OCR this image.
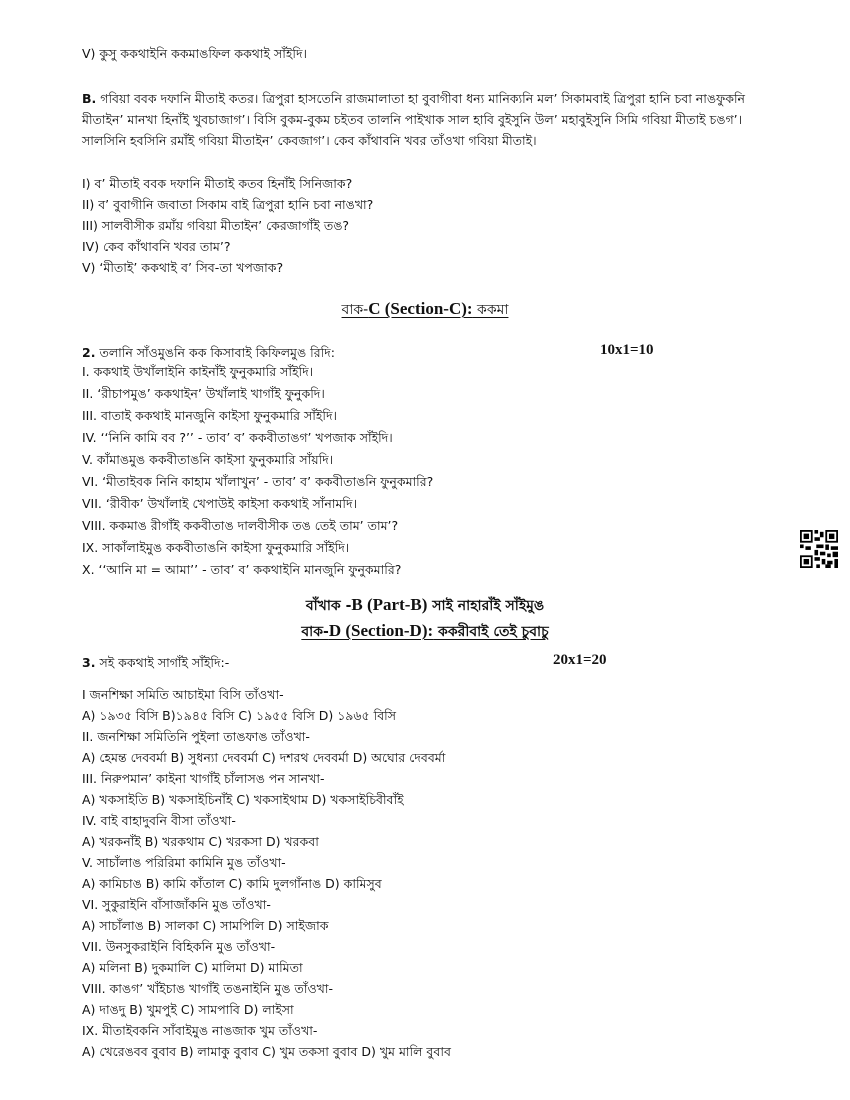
V) কুসু ককথাইনি ককমাঙফিল ককথাই সাঁইদি।
B. গবিয়া ববক দফানি মীতাই কতর। ত্রিপুরা হাসতেনি রাজমালাতা হা বুবাগীবা ধন্য মানিক্যনি মল’ সিকামবাই ত্রিপুরা হানি চবা নাঙফুকনি মীতাইন’ মানখা হিনাঁই খুবচাজাগ’। বিসি বুকম-বুকম চইতব তালনি পাইখাক সাল হাবি বুইসুনি উল’ মহাবুইসুনি সিমি গবিয়া মীতাই চঙগ’। সালসিনি হবসিনি রমাঁই গবিয়া মীতাইন’ কেবজাগ’। কেব কাঁথাবনি খবর তাঁওখা গবিয়া মীতাই।
I) ব’ মীতাই ববক দফানি মীতাই কতব হিনাঁই সিনিজাক?
II) ব’ বুবাগীনি জবাতা সিকাম বাই ত্রিপুরা হানি চবা নাঙখা?
III) সালবীসীক রমাঁয় গবিয়া মীতাইন’ কেরজাগাঁই তঙ?
IV) কেব কাঁথাবনি খবর তাম’?
V) ‘মীতাই’ ককথাই ব’ সিব-তা খপজাক?
বাক-C (Section-C): ককমা
2. তলানি সাঁওমুঙনি কক কিসাবাই কিফিলমুঙ রিদি:	10x1=10
I. ককথাই উখাঁলাইনি কাইনাঁই ফুনুকমারি সাঁইদি।
II. ‘রীচাপমুঙ’ ককথাইন’ উখাঁলাই খাগাঁই ফুনুকদি।
III. বাতাই ককথাই মানজুনি কাইসা ফুনুকমারি সাঁইদি।
IV. ‘‘নিনি কামি বব ?’’ - তাব’ ব’ ককবীতাঙগ’ খপজাক সাঁইদি।
V. কাঁমাঙমুঙ ককবীতাঙনি কাইসা ফুনুকমারি সাঁয়দি।
VI. ‘মীতাইবক নিনি কাহাম খাঁলাখুন’ - তাব’ ব’ ককবীতাঙনি ফুনুকমারি?
VII. ‘রীবীক’ উখাঁলাই খেপাউই কাইসা ককথাই সাঁনামদি।
VIII. ককমাঙ রীগাঁই ককবীতাঙ দালবীসীক তঙ তেই তাম’ তাম’?
IX. সাকাঁলাইমুঙ ককবীতাঙনি কাইসা ফুনুকমারি সাঁইদি।
X. ‘‘আনি মা = আমা’’ - তাব’ ব’ ককথাইনি মানজুনি ফুনুকমারি?
বাঁখাক -B (Part-B) সাই নাহারাঁই সাঁইমুঙ
বাক-D (Section-D): ককরীবাই তেই চুবাচু
3. সই ককথাই সাগাঁই সাঁইদি:-	20x1=20
I জনশিক্ষা সমিতি আচাইমা বিসি তাঁওখা-
A) ১৯৩৫ বিসি B)১৯৪৫ বিসি C) ১৯৫৫ বিসি D) ১৯৬৫ বিসি
II. জনশিক্ষা সমিতিনি পুইলা তাঙফাঙ তাঁওখা-
A) হেমন্ত দেববর্মা B) সুধন্যা দেববর্মা C) দশরথ দেববর্মা D) অঘোর দেববর্মা
III. নিরুপমান’ কাইনা খাগাঁই চাঁলাসঙ পন সানখা-
A) খকসাইতি B) খকসাইচিনাঁই C) খকসাইথাম D) খকসাইচিবীবাঁই
IV. বাই বাহাদুবনি বীসা তাঁওখা-
A) খরকনাঁই B) খরকথাম C) খরকসা D) খরকবা
V. সাচাঁলাঙ পরিরিমা কামিনি মুঙ তাঁওখা-
A) কামিচাঙ B) কামি কাঁতাল C) কামি দুলগাঁনাঙ D) কামিসুব
VI. সুকুরাইনি বাঁসাজাঁকনি মুঙ তাঁওখা-
A) সাচাঁলাঙ B) সালকা C) সামপিলি D) সাইজাক
VII. উনসুকরাইনি বিহিকনি মুঙ তাঁওখা-
A) মলিনা B) দুকমালি C) মালিমা D) মামিতা
VIII. কাঙগ’ খাঁইচাঙ খাগাঁই তঙনাইনি মুঙ তাঁওখা-
A) দাঙদু B) খুমপুই C) সামপাবি D) লাইসা
IX. মীতাইবকনি সাঁবাইমুঙ নাঙজাক খুম তাঁওখা-
A) খেরেঙবব বুবাব B) লামাকু বুবাব C) খুম তকসা বুবাব D) খুম মালি বুবাব
